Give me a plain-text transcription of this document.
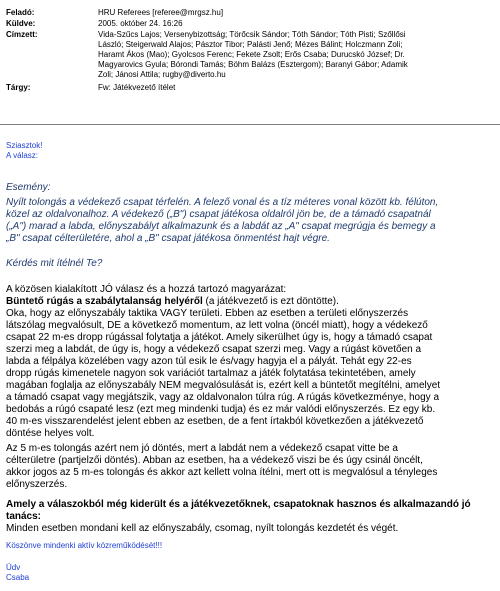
Feladó:	HRU Referees [referee@mrgsz.hu]
Küldve:	2005. október 24. 16:26
Címzett:	Vida-Szűcs Lajos; Versenybizottság; Törőcsik Sándor; Tóth Sándor; Tóth Pisti; Szőllősi
László; Steigerwald Alajos; Pásztor Tibor; Palásti Jenő; Mézes Bálint; Holczmann Zoli;
Haramt Ákos (Mao); Gyolcsos Ferenc; Fekete Zsolt; Erős Csaba; Durucskó József; Dr.
Magyarovics Gyula; Bórondi Tamás; Böhm Balázs (Esztergom); Baranyi Gábor; Adamik
Zoli; Jánosi Attila; rugby@diverto.hu
Tárgy:	Fw: Játékvezető ítélet
Sziasztok!
A válasz:
Esemény:
Nyílt tolongás a védekező csapat térfelén. A felező vonal és a tíz méteres vonal között kb. félúton,
közel az oldalvonalhoz. A védekező („B") csapat játékosa oldalról jön be, de a támadó csapatnál
(„A") marad a labda, előnyszabályt alkalmazunk és a labdát az „A" csapat megrúgja és bemegy a
„B" csapat célterületére, ahol a „B" csapat játékosa önmentést hajt végre.
Kérdés mit ítélnél Te?
A közösen kialakított JÓ válasz és a hozzá tartozó magyarázat:
Büntető rúgás a szabálytalanság helyéről (a játékvezető is ezt döntötte).
Oka, hogy az előnyszabály taktika VAGY területi. Ebben az esetben a területi előnyszerzés
látszólag megvalósult, DE a következő momentum, az lett volna (öncél miatt), hogy a védekező
csapat 22 m-es dropp rúgással folytatja a játékot. Amely sikerülhet úgy is, hogy a támadó csapat
szerzi meg a labdát, de úgy is, hogy a védekező csapat szerzi meg. Vagy a rúgást követően a
labda a félpálya közelében vagy azon túl esik le és/vagy hagyja el a pályát. Tehát egy 22-es
dropp rúgás kimenetele nagyon sok variációt tartalmaz a játék folytatása tekintetében, amely
magában foglalja az előnyszabály NEM megvalósulását is, ezért kell a büntetőt megítélni, amelyet
a támadó csapat vagy megjátszik, vagy az oldalvonalon túlra rúg. A rúgás következménye, hogy a
bedobás a rúgó csapaté lesz (ezt meg mindenki tudja) és ez már valódi előnyszerzés. Ez egy kb.
40 m-es visszarendelést jelent ebben az esetben, de a fent írtakból következően a játékvezető
döntése helyes volt.
Az 5 m-es tolongás azért nem jó döntés, mert a labdát nem a védekező csapat vitte be a
célterületre (partjelzői döntés). Abban az esetben, ha a védekező viszi be és úgy csinál öncélt,
akkor jogos az 5 m-es tolongás és akkor azt kellett volna ítélni, mert ott is megvalósul a tényleges
előnyszerzés.
Amely a válaszokból még kiderült és a játékvezetőknek, csapatoknak hasznos és alkalmazandó jó
tanács:
Minden esetben mondani kell az előnyszabály, csomag, nyílt tolongás kezdetét és végét.
Köszönve mindenki aktív közreműködését!!!
Üdv
Csaba
